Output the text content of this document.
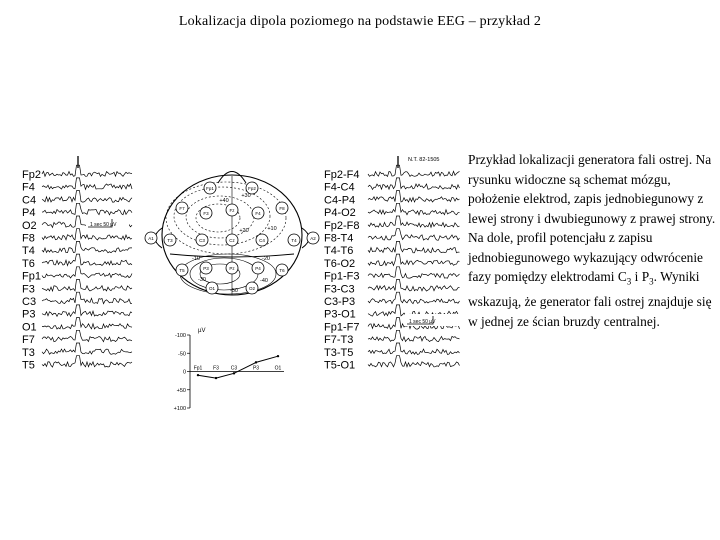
Lokalizacja dipola poziomego na podstawie EEG – przykład 2
Fp2
F4
C4
P4
O2
F8
T4
T6
Fp1
F3
C3
P3
O1
F7
T3
T5
Fp2-F4
F4-C4
C4-P4
P4-O2
Fp2-F8
F8-T4
T4-T6
T6-O2
Fp1-F3
F3-C3
C3-P3
P3-O1
Fp1-F7
F7-T3
T3-T5
T5-O1
1 sec 50 µV
1 sec 50 µV
N.T. 82-1505
Fp1	Fp2
F7
F3
Fz
F4
F8
T3	C3	Cz	C4	T4
T5	P3	Pz	P4	T6
O1	O2
A1	A2
+40
+30
+20	+10
-10	-20
-30	-40
-50
µV
-100
-50
0
+50
+100
Fp1 F3 C3	P3	O1
Przykład lokalizacji generatora fali ostrej. Na rysunku widoczne są schemat mózgu, położenie elektrod, zapis jednobiegunowy z lewej strony i dwubiegunowy z prawej strony. Na dole, profil potencjału z zapisu jednobiegunowego wykazujący odwrócenie fazy pomiędzy elektrodami $C_3$ i $P_3$. Wyniki wskazują, że generator fali ostrej znajduje się w jednej ze ścian bruzdy centralnej.
